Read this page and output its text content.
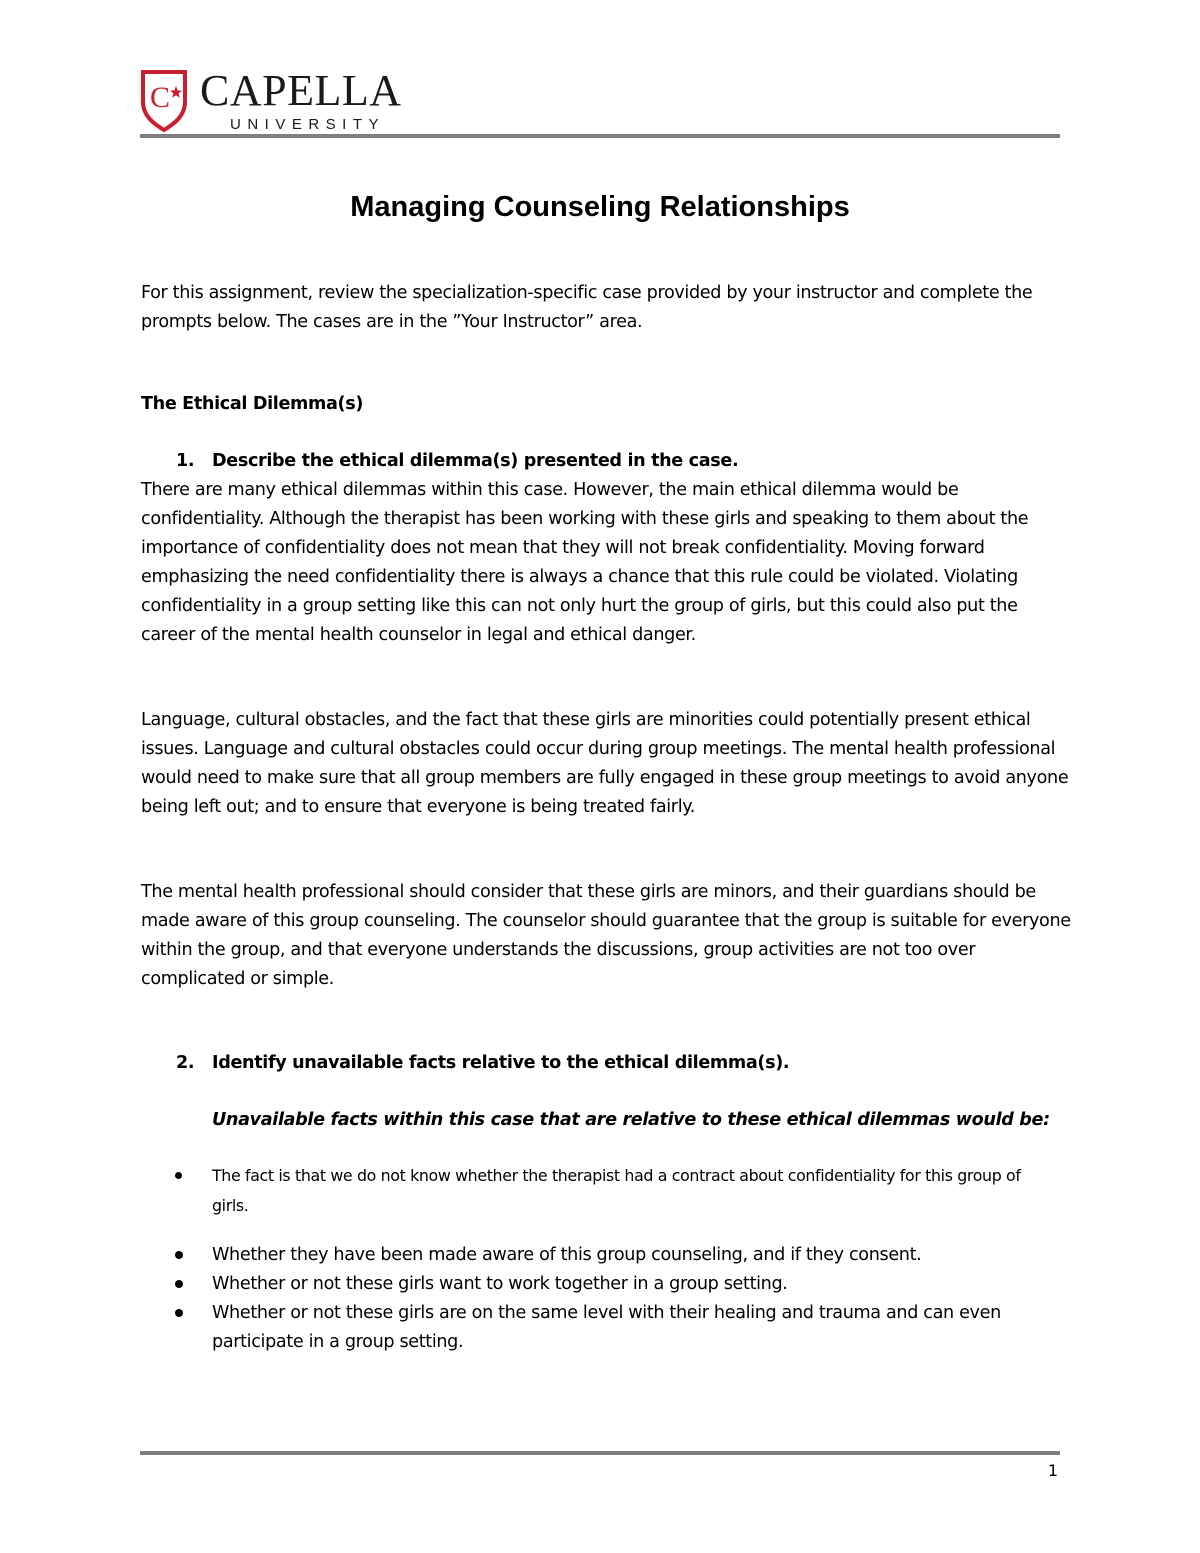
C CAPELLA
UNIVERSITY
Managing Counseling Relationships

For this assignment, review the specialization-specific case provided by your instructor and complete the prompts below. The cases are in the ”Your Instructor” area.

The Ethical Dilemma(s)

1. Describe the ethical dilemma(s) presented in the case.

There are many ethical dilemmas within this case. However, the main ethical dilemma would be confidentiality. Although the therapist has been working with these girls and speaking to them about the importance of confidentiality does not mean that they will not break confidentiality. Moving forward emphasizing the need confidentiality there is always a chance that this rule could be violated. Violating confidentiality in a group setting like this can not only hurt the group of girls, but this could also put the career of the mental health counselor in legal and ethical danger.

Language, cultural obstacles, and the fact that these girls are minorities could potentially present ethical issues. Language and cultural obstacles could occur during group meetings. The mental health professional would need to make sure that all group members are fully engaged in these group meetings to avoid anyone being left out; and to ensure that everyone is being treated fairly.

The mental health professional should consider that these girls are minors, and their guardians should be made aware of this group counseling. The counselor should guarantee that the group is suitable for everyone within the group, and that everyone understands the discussions, group activities are not too over complicated or simple.

2. Identify unavailable facts relative to the ethical dilemma(s).

Unavailable facts within this case that are relative to these ethical dilemmas would be:

The fact is that we do not know whether the therapist had a contract about confidentiality for this group of girls.
Whether they have been made aware of this group counseling, and if they consent.
Whether or not these girls want to work together in a group setting.
Whether or not these girls are on the same level with their healing and trauma and can even participate in a group setting.

1
